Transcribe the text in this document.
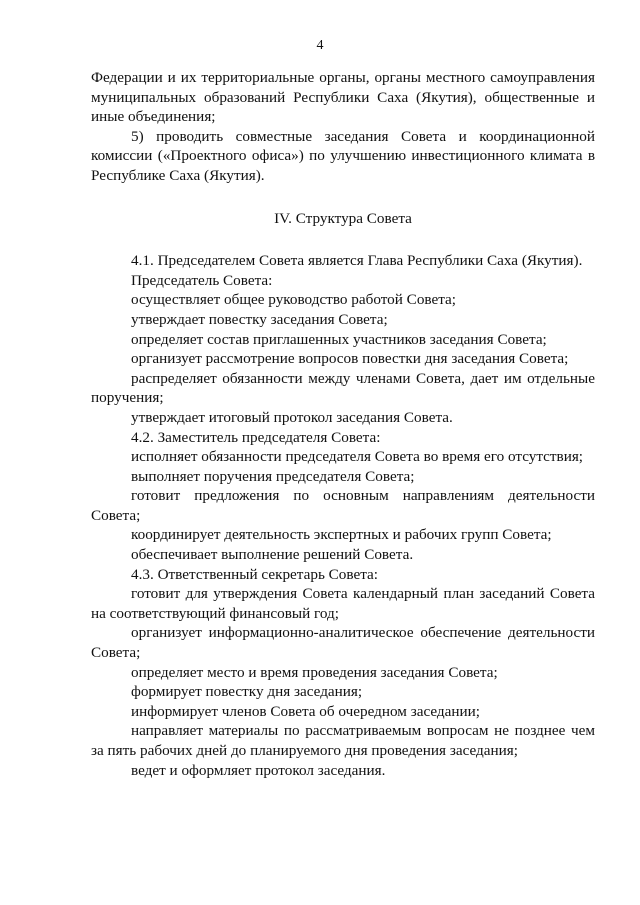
4

Федерации и их территориальные органы, органы местного самоуправления муниципальных образований Республики Саха (Якутия), общественные и иные объединения;

5) проводить совместные заседания Совета и координационной комиссии («Проектного офиса») по улучшению инвестиционного климата в Республике Саха (Якутия).

IV. Структура Совета

4.1. Председателем Совета является Глава Республики Саха (Якутия).

Председатель Совета:

осуществляет общее руководство работой Совета;

утверждает повестку заседания Совета;

определяет состав приглашенных участников заседания Совета;

организует рассмотрение вопросов повестки дня заседания Совета;

распределяет обязанности между членами Совета, дает им отдельные поручения;

утверждает итоговый протокол заседания Совета.

4.2. Заместитель председателя Совета:

исполняет обязанности председателя Совета во время его отсутствия;

выполняет поручения председателя Совета;

готовит предложения по основным направлениям деятельности Совета;

координирует деятельность экспертных и рабочих групп Совета;

обеспечивает выполнение решений Совета.

4.3. Ответственный секретарь Совета:

готовит для утверждения Совета календарный план заседаний Совета на соответствующий финансовый год;

организует информационно-аналитическое обеспечение деятельности Совета;

определяет место и время проведения заседания Совета;

формирует повестку дня заседания;

информирует членов Совета об очередном заседании;

направляет материалы по рассматриваемым вопросам не позднее чем за пять рабочих дней до планируемого дня проведения заседания;

ведет и оформляет протокол заседания.
